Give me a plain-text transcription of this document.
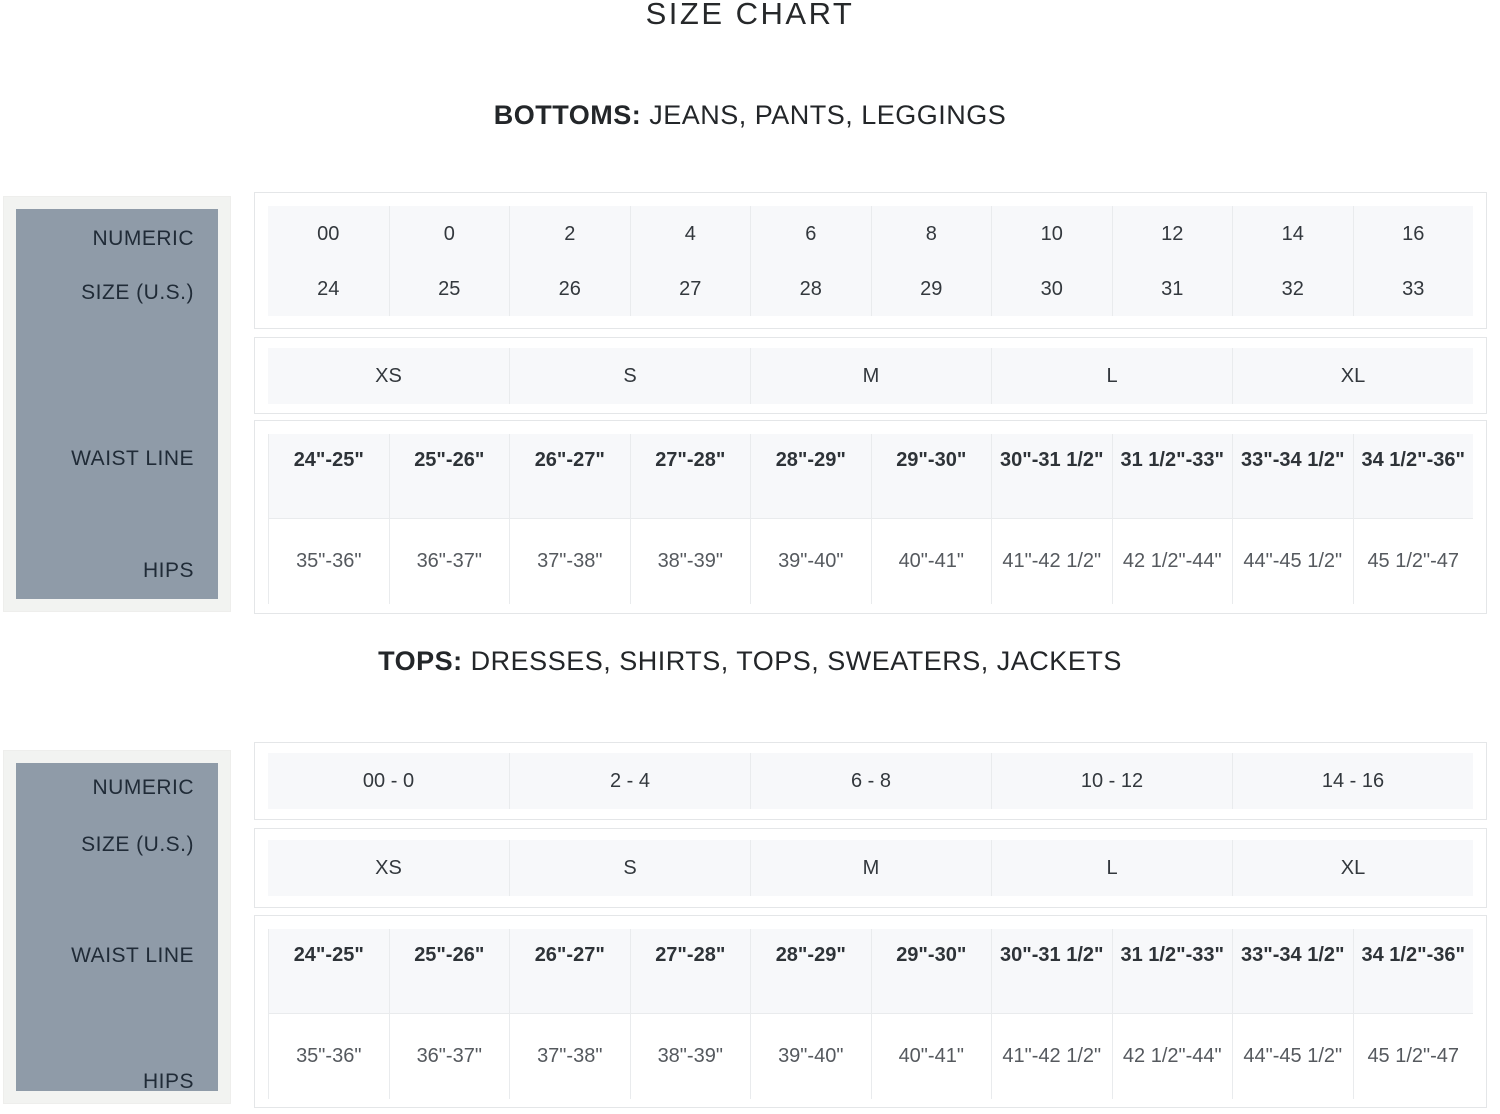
SIZE CHART
BOTTOMS: JEANS, PANTS, LEGGINGS
NUMERIC
SIZE (U.S.)
WAIST LINE
HIPS
00
24
0
25
2
26
4
27
6
28
8
29
10
30
12
31
14
32
16
33
XS	S	M	L	XL
24"-25"	25"-26"	26"-27"	27"-28"	28"-29"	29"-30"	30"-31 1/2" 31 1/2"-33" 33"-34 1/2" 34 1/2"-36"
35"-36"	36"-37"	37"-38"	38"-39"	39"-40"	40"-41"	41"-42 1/2"	42 1/2"-44"	44"-45 1/2"	45 1/2"-47
TOPS: DRESSES, SHIRTS, TOPS, SWEATERS, JACKETS
NUMERIC
SIZE (U.S.)
WAIST LINE
HIPS
00 - 0	2 - 4	6 - 8	10 - 12	14 - 16
XS	S	M	L	XL
24"-25"	25"-26"	26"-27"	27"-28"	28"-29"	29"-30"	30"-31 1/2" 31 1/2"-33" 33"-34 1/2" 34 1/2"-36"
35"-36"	36"-37"	37"-38"	38"-39"	39"-40"	40"-41"	41"-42 1/2"	42 1/2"-44"	44"-45 1/2"	45 1/2"-47
